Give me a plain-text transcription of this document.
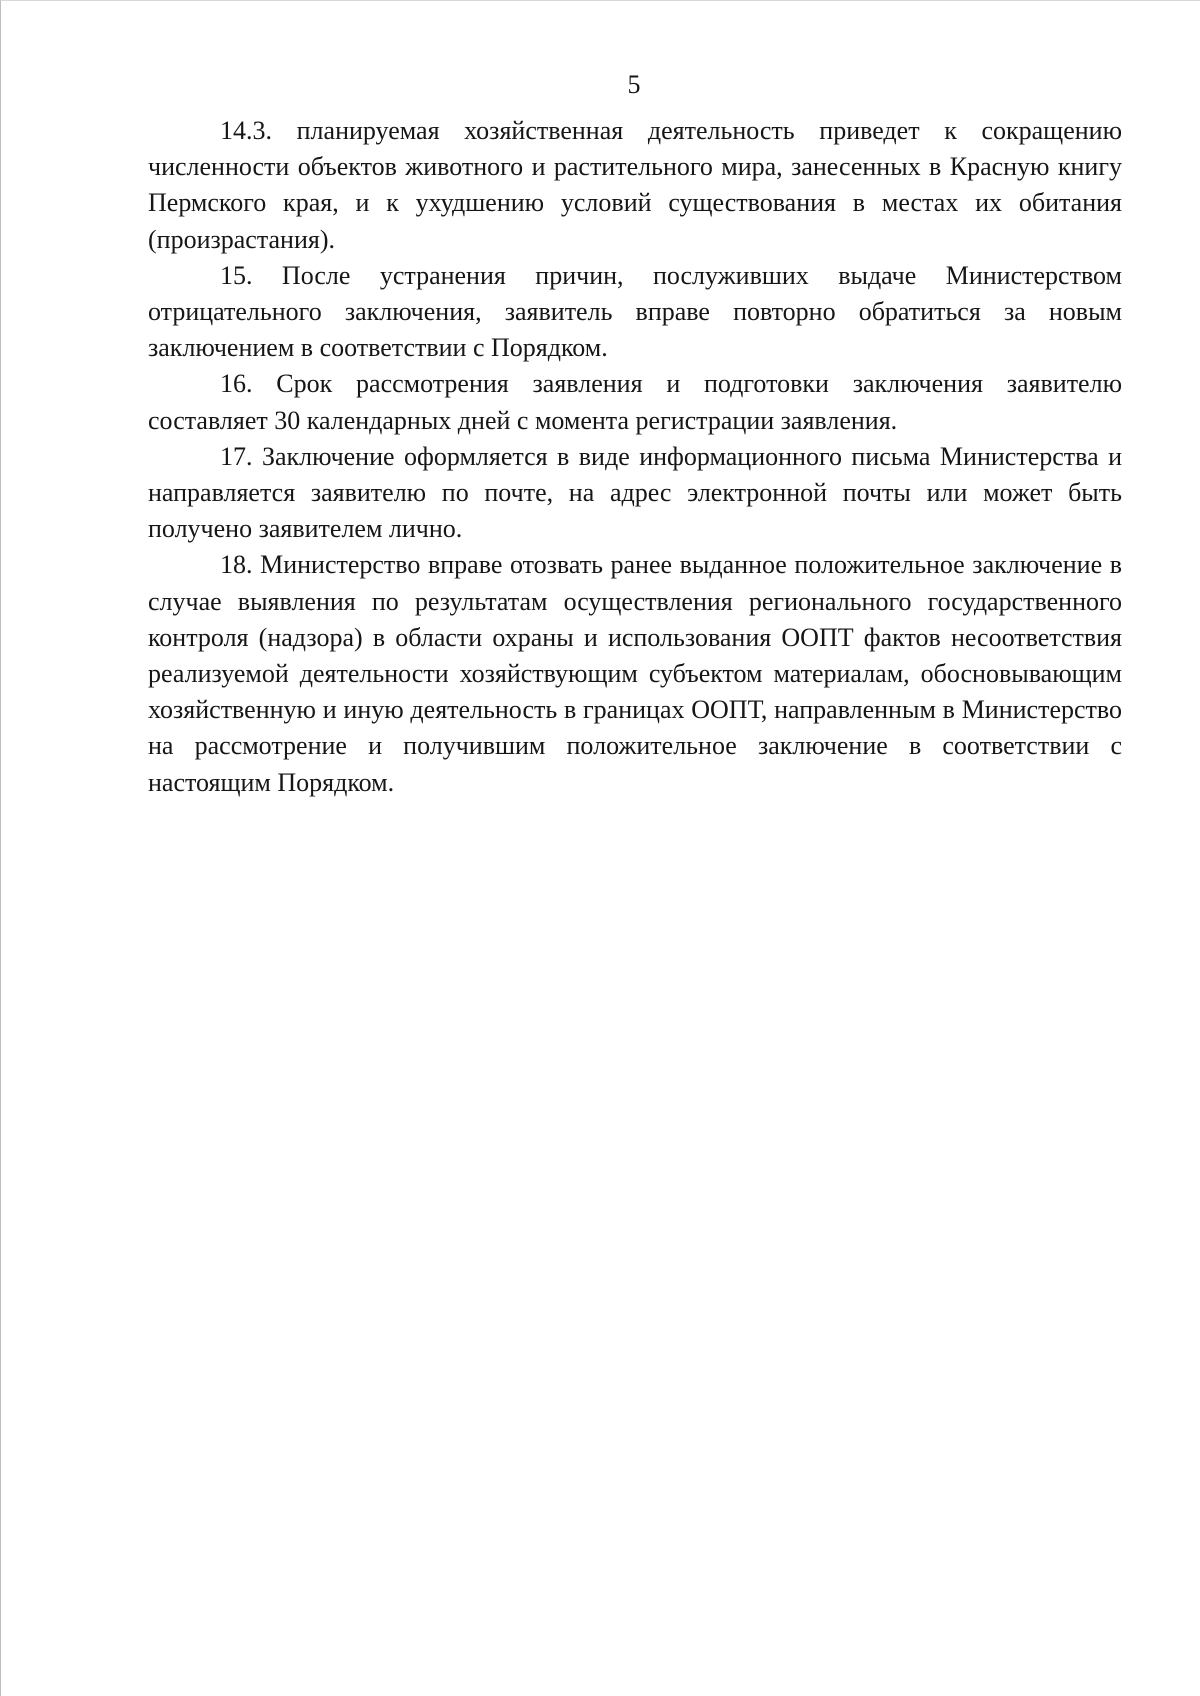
5

14.3. планируемая хозяйственная деятельность приведет к сокращению численности объектов животного и растительного мира, занесенных в Красную книгу Пермского края, и к ухудшению условий существования в местах их обитания (произрастания).

15. После устранения причин, послуживших выдаче Министерством отрицательного заключения, заявитель вправе повторно обратиться за новым заключением в соответствии с Порядком.

16. Срок рассмотрения заявления и подготовки заключения заявителю составляет 30 календарных дней с момента регистрации заявления.

17. Заключение оформляется в виде информационного письма Министерства и направляется заявителю по почте, на адрес электронной почты или может быть получено заявителем лично.

18. Министерство вправе отозвать ранее выданное положительное заключение в случае выявления по результатам осуществления регионального государственного контроля (надзора) в области охраны и использования ООПТ фактов несоответствия реализуемой деятельности хозяйствующим субъектом материалам, обосновывающим хозяйственную и иную деятельность в границах ООПТ, направленным в Министерство на рассмотрение и получившим положительное заключение в соответствии с настоящим Порядком.
